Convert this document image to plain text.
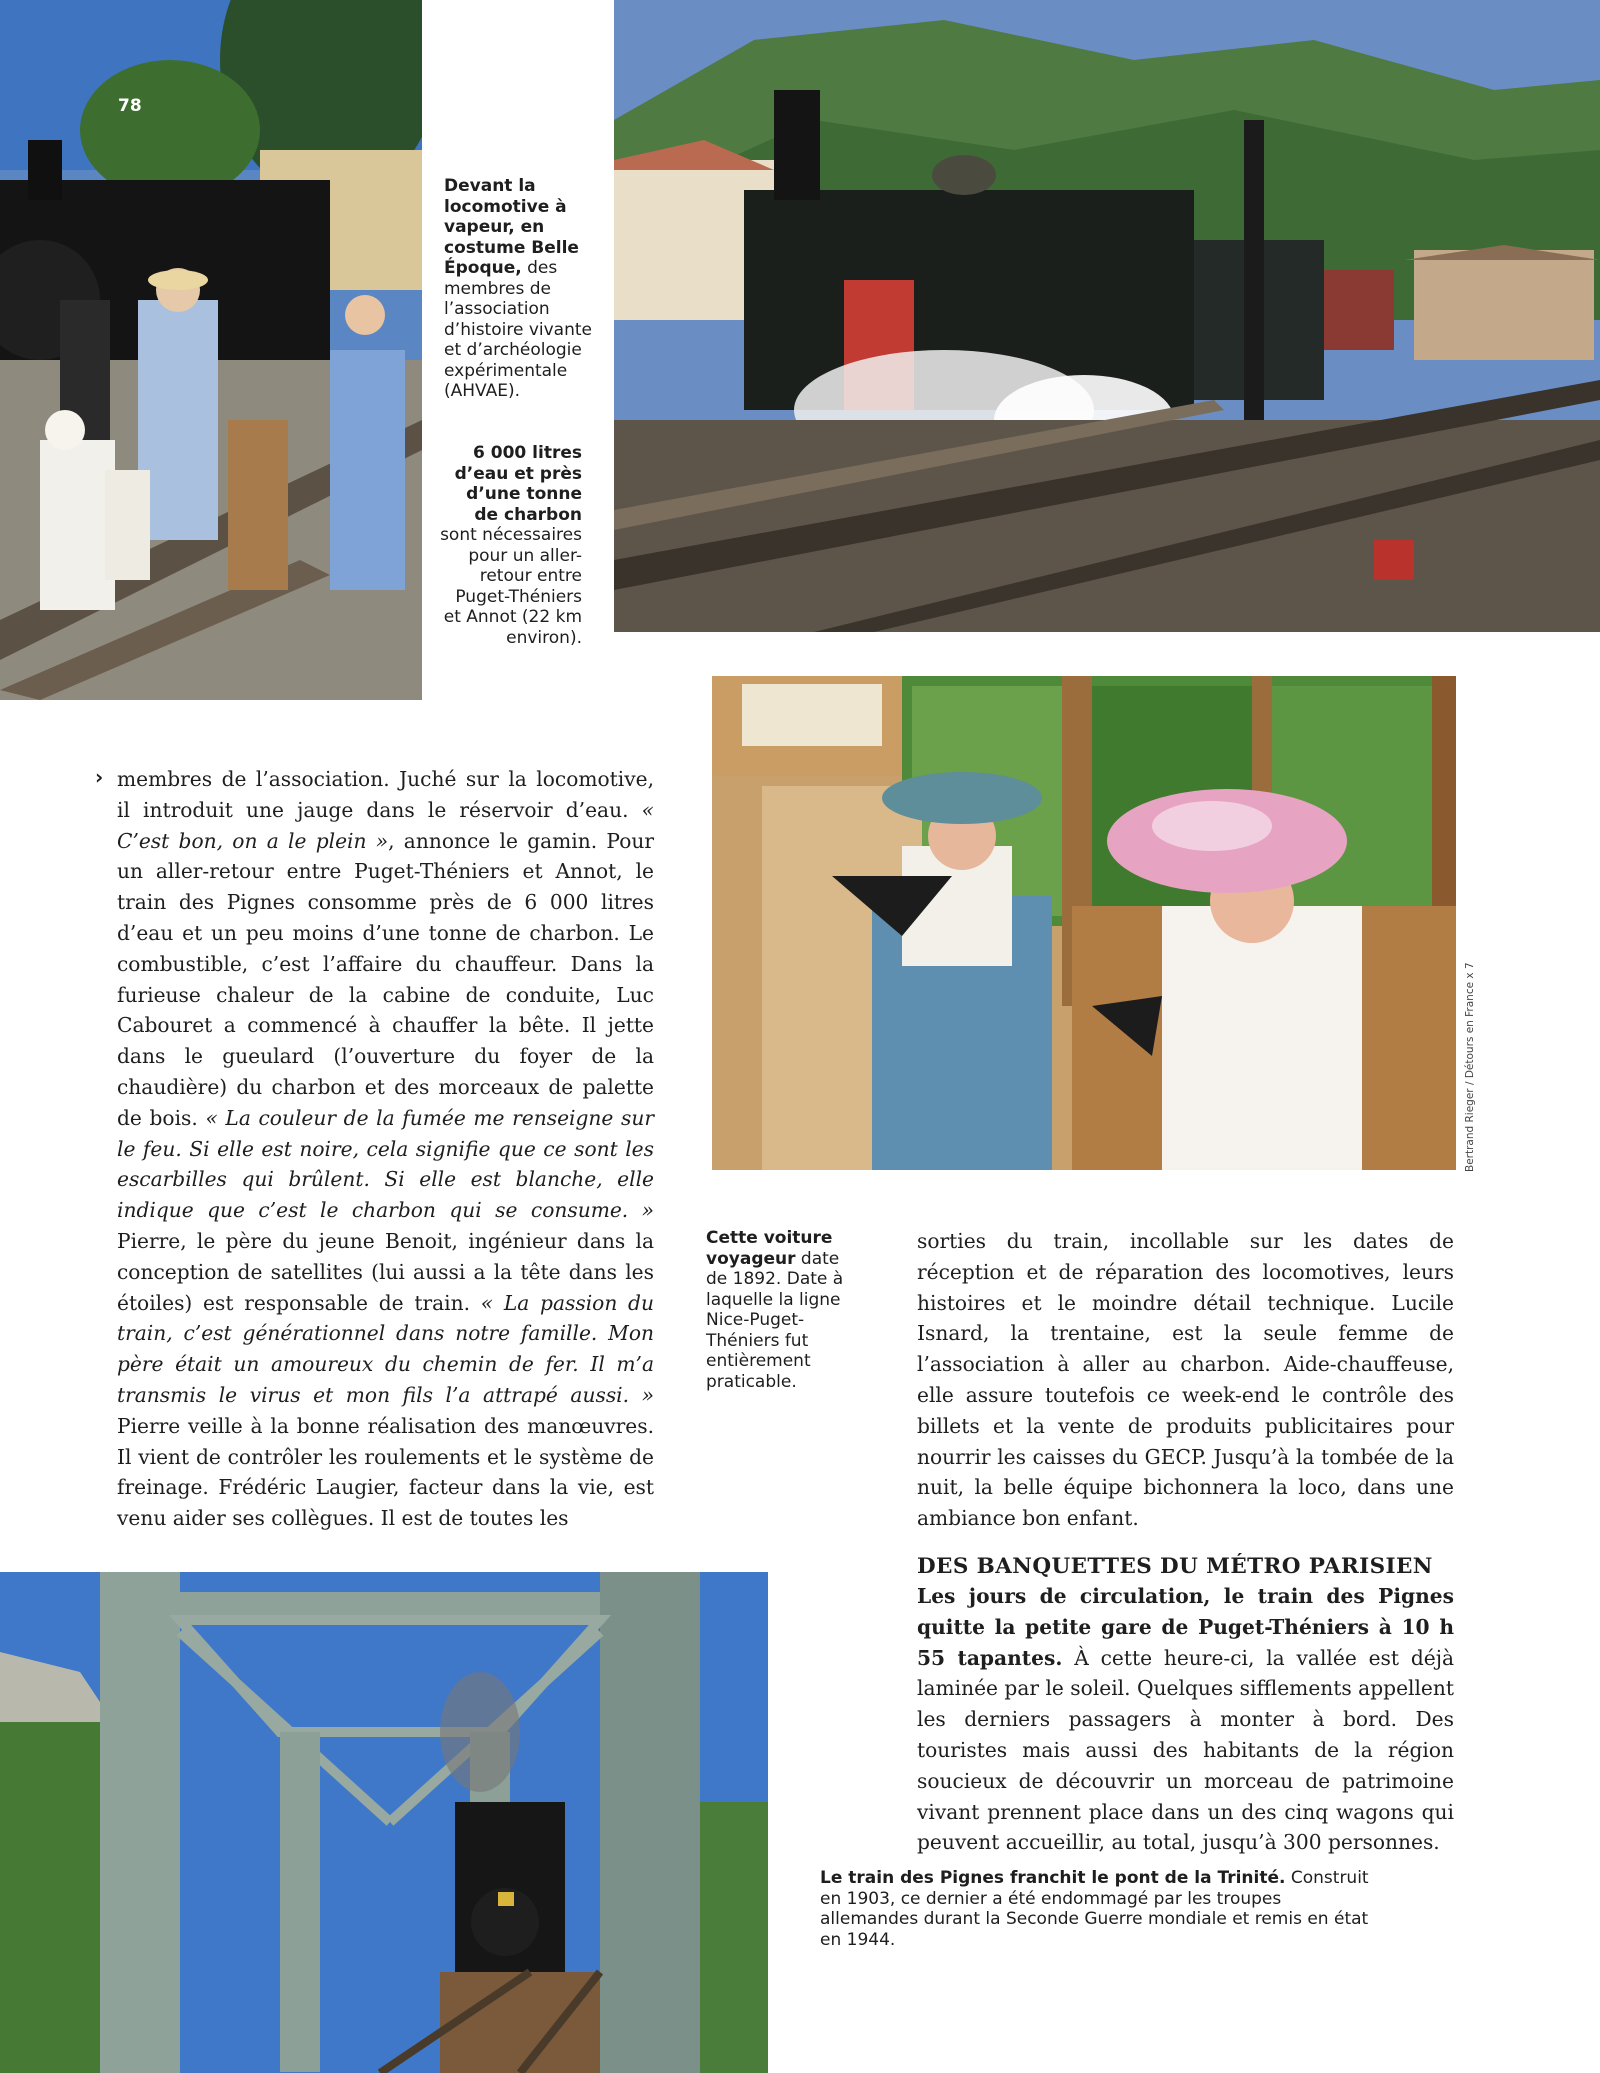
78
Devant la locomotive à vapeur, en costume Belle Époque, des membres de l’association d’histoire vivante et d’archéologie expérimentale (AHVAE).
6 000 litres d’eau et près d’une tonne de charbon sont nécessaires pour un aller-retour entre Puget-Théniers et Annot (22 km environ).
Bertrand Rieger / Détours en France x 7
› membres de l’association. Juché sur la locomotive, il introduit une jauge dans le réservoir d’eau. « C’est bon, on a le plein », annonce le gamin. Pour un aller-retour entre Puget-Théniers et Annot, le train des Pignes consomme près de 6 000 litres d’eau et un peu moins d’une tonne de charbon. Le combustible, c’est l’affaire du chauffeur. Dans la furieuse chaleur de la cabine de conduite, Luc Cabouret a commencé à chauffer la bête. Il jette dans le gueulard (l’ouverture du foyer de la chaudière) du charbon et des morceaux de palette de bois. « La couleur de la fumée me renseigne sur le feu. Si elle est noire, cela signifie que ce sont les escarbilles qui brûlent. Si elle est blanche, elle indique que c’est le charbon qui se consume. » Pierre, le père du jeune Benoit, ingénieur dans la conception de satellites (lui aussi a la tête dans les étoiles) est responsable de train. « La passion du train, c’est générationnel dans notre famille. Mon père était un amoureux du chemin de fer. Il m’a transmis le virus et mon fils l’a attrapé aussi. » Pierre veille à la bonne réalisation des manœuvres. Il vient de contrôler les roulements et le système de freinage. Frédéric Laugier, facteur dans la vie, est venu aider ses collègues. Il est de toutes les

Cette voiture voyageur date de 1892. Date à laquelle la ligne Nice-Puget-Théniers fut entièrement praticable.

sorties du train, incollable sur les dates de réception et de réparation des locomotives, leurs histoires et le moindre détail technique. Lucile Isnard, la trentaine, est la seule femme de l’association à aller au charbon. Aide-chauffeuse, elle assure toutefois ce week-end le contrôle des billets et la vente de produits publicitaires pour nourrir les caisses du GECP. Jusqu’à la tombée de la nuit, la belle équipe bichonnera la loco, dans une ambiance bon enfant.

DES BANQUETTES DU MÉTRO PARISIEN

Les jours de circulation, le train des Pignes quitte la petite gare de Puget-Théniers à 10 h 55 tapantes. À cette heure-ci, la vallée est déjà laminée par le soleil. Quelques sifflements appellent les derniers passagers à monter à bord. Des touristes mais aussi des habitants de la région soucieux de découvrir un morceau de patrimoine vivant prennent place dans un des cinq wagons qui peuvent accueillir, au total, jusqu’à 300 personnes.

Le train des Pignes franchit le pont de la Trinité. Construit en 1903, ce dernier a été endommagé par les troupes allemandes durant la Seconde Guerre mondiale et remis en état en 1944.
